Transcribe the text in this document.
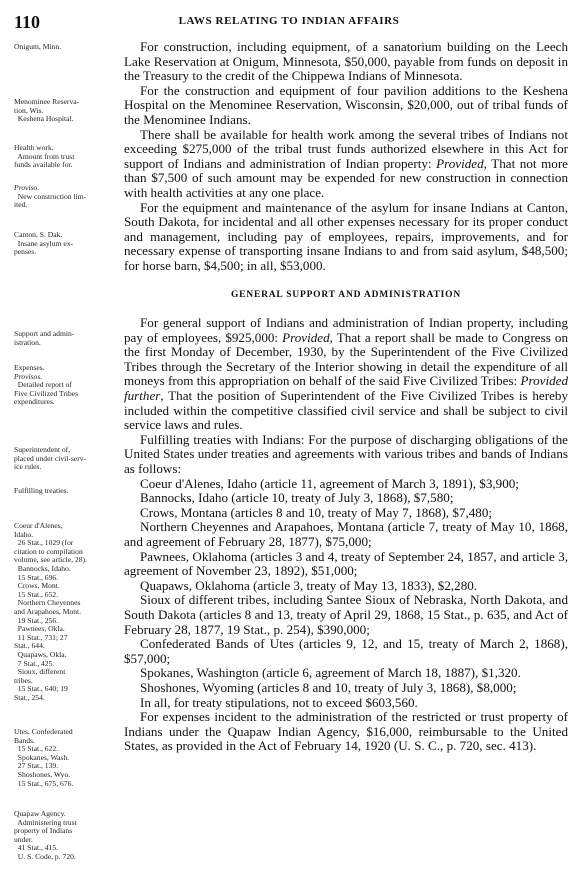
110	LAWS RELATING TO INDIAN AFFAIRS
Onigum, Minn.
Menominee Reserva-
tion, Wis.
Keshena Hospital.
Health work.
Amount from trust
funds available for.
Proviso.
New construction lim-
ited.
Canton, S. Dak.
Insane asylum ex-
penses.
Support and admin-
istration.
Expenses.
Provisos.
Detailed report of
Five Civilized Tribes
expenditures.
Superintendent of,
placed under civil-serv-
ice rules.
Fulfilling treaties.
Coeur d'Alenes,
Idaho.
26 Stat., 1029 (for
citation to compilation
volume, see article, 28).
Bannocks, Idaho.
15 Stat., 696.
Crows, Mont.
15 Stat., 652.
Northern Cheyennes
and Arapahoes, Mont.
19 Stat., 256.
Pawnees, Okla.
11 Stat., 731; 27
Stat., 644.
Quapaws, Okla.
7 Stat., 425.
Sioux, different
tribes.
15 Stat., 640; 19
Stat., 254.
Utes, Confederated
Bands.
15 Stat., 622.
Spokanes, Wash.
27 Stat., 139.
Shoshones, Wyo.
15 Stat., 675, 676.
Quapaw Agency.
Administering trust
property of Indians
under.
41 Stat., 415.
U. S. Code, p. 720.

For construction, including equipment, of a sanatorium building on the Leech Lake Reservation at Onigum, Minnesota, $50,000, payable from funds on deposit in the Treasury to the credit of the Chippewa Indians of Minnesota.

For the construction and equipment of four pavilion additions to the Keshena Hospital on the Menominee Reservation, Wisconsin, $20,000, out of tribal funds of the Menominee Indians.

There shall be available for health work among the several tribes of Indians not exceeding $275,000 of the tribal trust funds authorized elsewhere in this Act for support of Indians and administration of Indian property: Provided, That not more than $7,500 of such amount may be expended for new construction in connection with health activities at any one place.

For the equipment and maintenance of the asylum for insane Indians at Canton, South Dakota, for incidental and all other expenses necessary for its proper conduct and management, including pay of employees, repairs, improvements, and for necessary expense of transporting insane Indians to and from said asylum, $48,500; for horse barn, $4,500; in all, $53,000.

GENERAL SUPPORT AND ADMINISTRATION

For general support of Indians and administration of Indian property, including pay of employees, $925,000: Provided, That a report shall be made to Congress on the first Monday of December, 1930, by the Superintendent of the Five Civilized Tribes through the Secretary of the Interior showing in detail the expenditure of all moneys from this appropriation on behalf of the said Five Civilized Tribes: Provided further, That the position of Superintendent of the Five Civilized Tribes is hereby included within the competitive classified civil service and shall be subject to civil service laws and rules.

Fulfilling treaties with Indians: For the purpose of discharging obligations of the United States under treaties and agreements with various tribes and bands of Indians as follows:

Coeur d'Alenes, Idaho (article 11, agreement of March 3, 1891), $3,900;

Bannocks, Idaho (article 10, treaty of July 3, 1868), $7,580;

Crows, Montana (articles 8 and 10, treaty of May 7, 1868), $7,480;

Northern Cheyennes and Arapahoes, Montana (article 7, treaty of May 10, 1868, and agreement of February 28, 1877), $75,000;

Pawnees, Oklahoma (articles 3 and 4, treaty of September 24, 1857, and article 3, agreement of November 23, 1892), $51,000;

Quapaws, Oklahoma (article 3, treaty of May 13, 1833), $2,280.

Sioux of different tribes, including Santee Sioux of Nebraska, North Dakota, and South Dakota (articles 8 and 13, treaty of April 29, 1868, 15 Stat., p. 635, and Act of February 28, 1877, 19 Stat., p. 254), $390,000;

Confederated Bands of Utes (articles 9, 12, and 15, treaty of March 2, 1868), $57,000;

Spokanes, Washington (article 6, agreement of March 18, 1887), $1,320.

Shoshones, Wyoming (articles 8 and 10, treaty of July 3, 1868), $8,000;

In all, for treaty stipulations, not to exceed $603,560.

For expenses incident to the administration of the restricted or trust property of Indians under the Quapaw Indian Agency, $16,000, reimbursable to the United States, as provided in the Act of February 14, 1920 (U. S. C., p. 720, sec. 413).
